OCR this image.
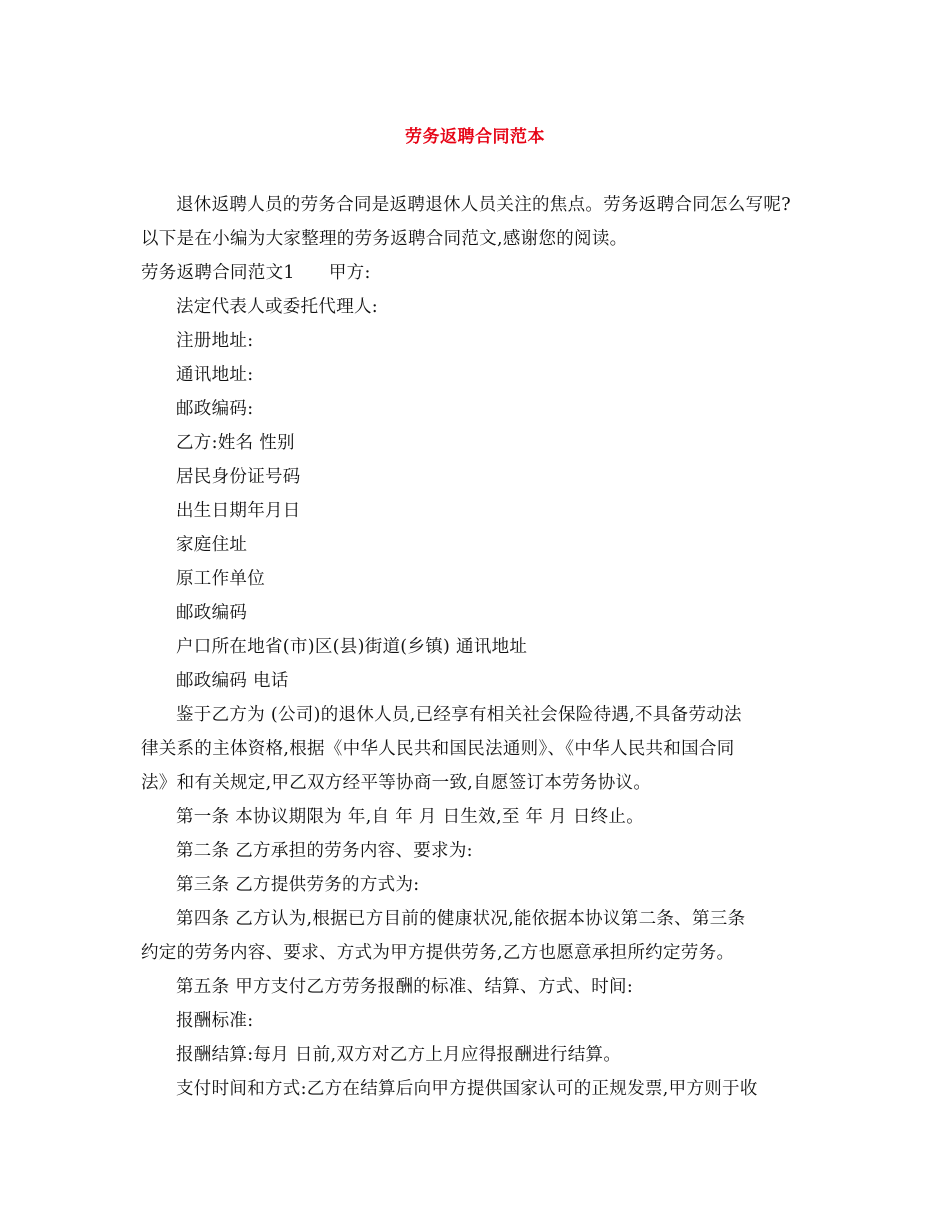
劳务返聘合同范本
退休返聘人员的劳务合同是返聘退休人员关注的焦点。劳务返聘合同怎么写呢?
以下是在小编为大家整理的劳务返聘合同范文,感谢您的阅读。
劳务返聘合同范文1 甲方:
法定代表人或委托代理人:
注册地址:
通讯地址:
邮政编码:
乙方:姓名 性别
居民身份证号码
出生日期年月日
家庭住址
原工作单位
邮政编码
户口所在地省(市)区(县)街道(乡镇) 通讯地址
邮政编码 电话
鉴于乙方为 (公司)的退休人员,已经享有相关社会保险待遇,不具备劳动法
律关系的主体资格,根据《中华人民共和国民法通则》、《中华人民共和国合同
法》和有关规定,甲乙双方经平等协商一致,自愿签订本劳务协议。
第一条 本协议期限为 年,自 年 月 日生效,至 年 月 日终止。
第二条 乙方承担的劳务内容、要求为:
第三条 乙方提供劳务的方式为:
第四条 乙方认为,根据已方目前的健康状况,能依据本协议第二条、第三条
约定的劳务内容、要求、方式为甲方提供劳务,乙方也愿意承担所约定劳务。
第五条 甲方支付乙方劳务报酬的标准、结算、方式、时间:
报酬标准:
报酬结算:每月 日前,双方对乙方上月应得报酬进行结算。
支付时间和方式:乙方在结算后向甲方提供国家认可的正规发票,甲方则于收
